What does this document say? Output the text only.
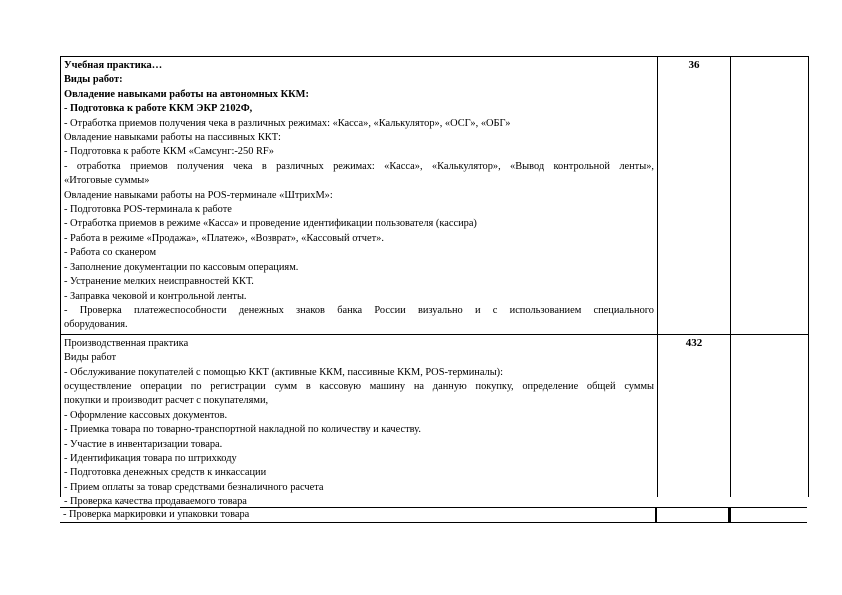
Учебная практика…
Виды работ:
Овладение навыками работы на автономных ККМ:
- Подготовка к работе ККМ ЭКР 2102Ф,
- Отработка приемов получения чека в различных режимах: «Касса», «Калькулятор», «ОСГ», «ОБГ»
Овладение навыками работы на пассивных ККТ:
- Подготовка к работе ККМ «Самсунг:-250 RF»
- отработка приемов получения чека в различных режимах: «Касса», «Калькулятор», «Вывод контрольной ленты»,
«Итоговые суммы»
Овладение навыками работы на POS-терминале «ШтрихМ»:
- Подготовка POS-терминала к работе
- Отработка приемов в режиме «Касса» и проведение идентификации пользователя (кассира)
- Работа в режиме «Продажа», «Платеж», «Возврат», «Кассовый отчет».
- Работа со сканером
- Заполнение документации по кассовым операциям.
- Устранение мелких неисправностей ККТ.
- Заправка чековой и контрольной ленты.
- Проверка платежеспособности денежных знаков банка России визуально и с использованием специального
оборудования.
36
Производственная практика
Виды работ
- Обслуживание покупателей с помощью ККТ (активные ККМ, пассивные ККМ, POS-терминалы):
осуществление операции по регистрации сумм в кассовую машину на данную покупку, определение общей суммы
покупки и производит расчет с покупателями,
- Оформление кассовых документов.
- Приемка товара по товарно-транспортной накладной по количеству и качеству.
- Участие в инвентаризации товара.
- Идентификация товара по штрихкоду
- Подготовка денежных средств к инкассации
- Прием оплаты за товар средствами безналичного расчета
- Проверка качества продаваемого товара
432
- Проверка маркировки и упаковки товара
